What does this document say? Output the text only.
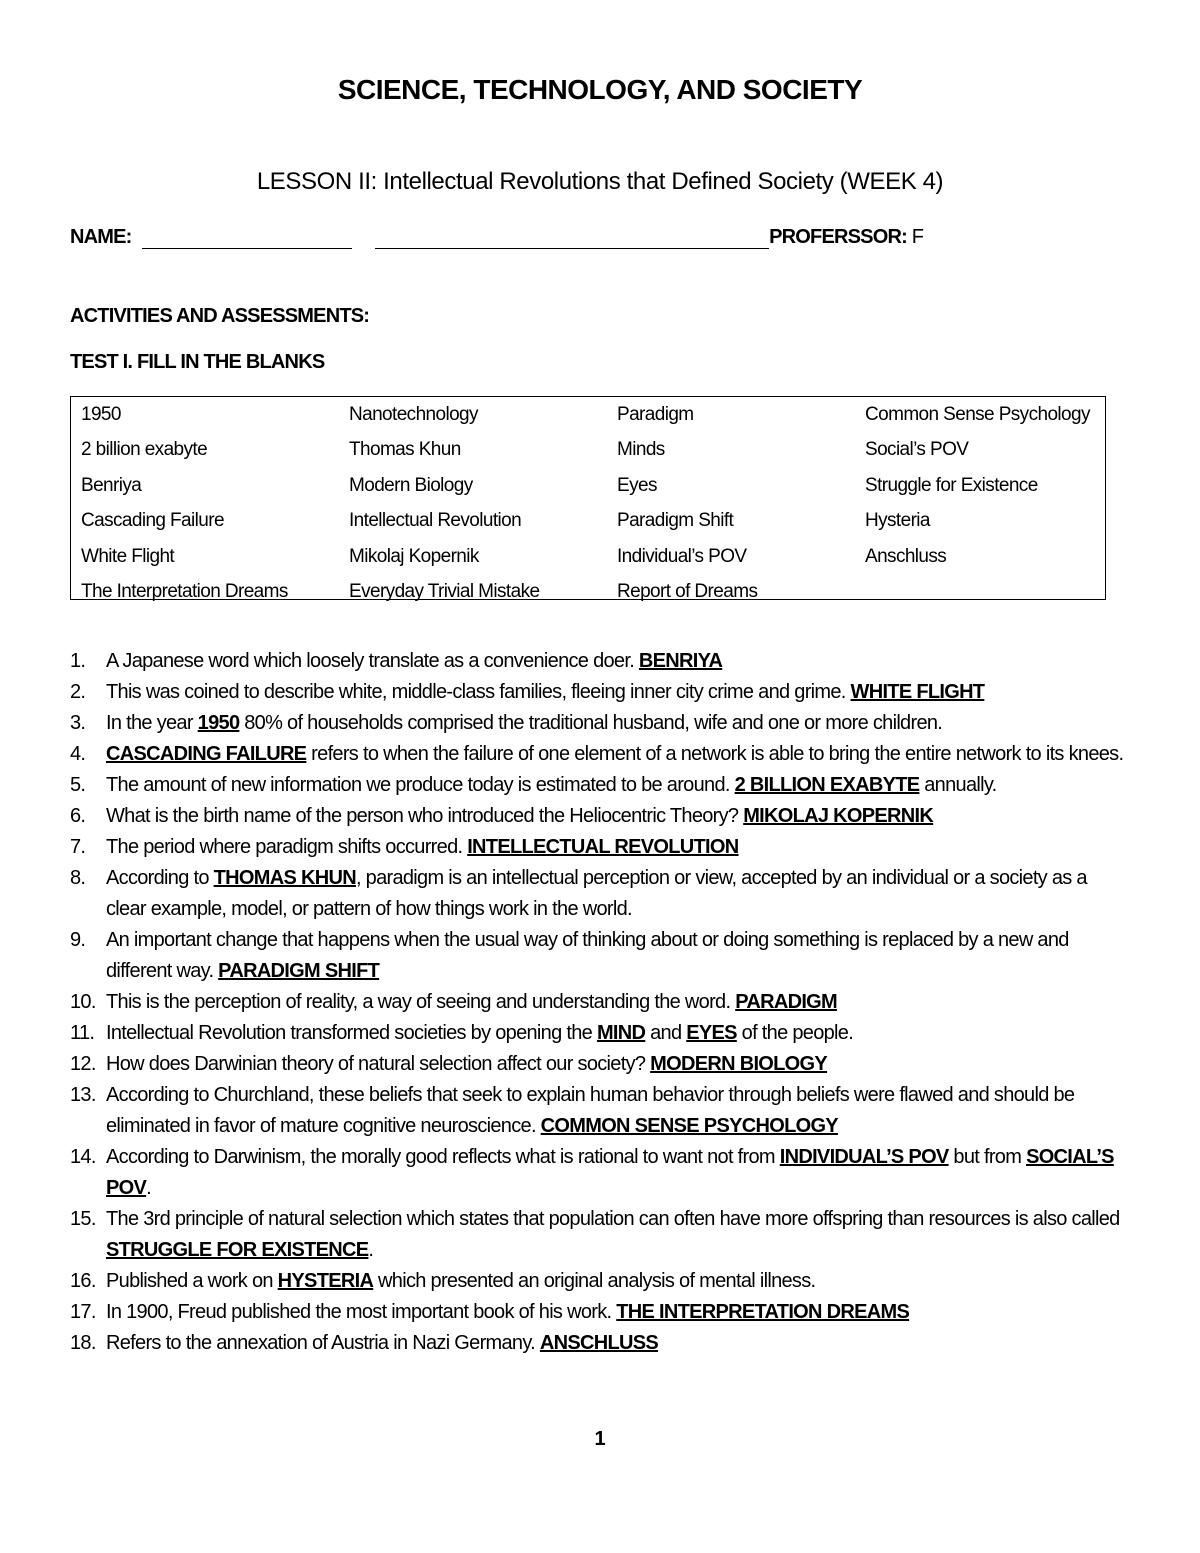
SCIENCE, TECHNOLOGY, AND SOCIETY
LESSON II: Intellectual Revolutions that Defined Society (WEEK 4)
NAME:	PROFERSSOR: F
ACTIVITIES AND ASSESSMENTS:
TEST I. FILL IN THE BLANKS
1950	Nanotechnology	Paradigm	Common Sense Psychology
2 billion exabyte	Thomas Khun	Minds	Social’s POV
Benriya	Modern Biology	Eyes	Struggle for Existence
Cascading Failure	Intellectual Revolution	Paradigm Shift	Hysteria
White Flight	Mikolaj Kopernik	Individual’s POV	Anschluss
The Interpretation Dreams	Everyday Trivial Mistake	Report of Dreams	
1. A Japanese word which loosely translate as a convenience doer. BENRIYA
2. This was coined to describe white, middle-class families, fleeing inner city crime and grime. WHITE FLIGHT
3. In the year 1950 80% of households comprised the traditional husband, wife and one or more children.
4. CASCADING FAILURE refers to when the failure of one element of a network is able to bring the entire network to its knees.
5. The amount of new information we produce today is estimated to be around. 2 BILLION EXABYTE annually.
6. What is the birth name of the person who introduced the Heliocentric Theory? MIKOLAJ KOPERNIK
7. The period where paradigm shifts occurred. INTELLECTUAL REVOLUTION
8. According to THOMAS KHUN, paradigm is an intellectual perception or view, accepted by an individual or a society as a clear example, model, or pattern of how things work in the world.
9. An important change that happens when the usual way of thinking about or doing something is replaced by a new and different way. PARADIGM SHIFT
10. This is the perception of reality, a way of seeing and understanding the word. PARADIGM
11. Intellectual Revolution transformed societies by opening the MIND and EYES of the people.
12. How does Darwinian theory of natural selection affect our society? MODERN BIOLOGY
13. According to Churchland, these beliefs that seek to explain human behavior through beliefs were flawed and should be eliminated in favor of mature cognitive neuroscience. COMMON SENSE PSYCHOLOGY
14. According to Darwinism, the morally good reflects what is rational to want not from INDIVIDUAL’S POV but from SOCIAL’S POV.
15. The 3rd principle of natural selection which states that population can often have more offspring than resources is also called STRUGGLE FOR EXISTENCE.
16. Published a work on HYSTERIA which presented an original analysis of mental illness.
17. In 1900, Freud published the most important book of his work. THE INTERPRETATION DREAMS
18. Refers to the annexation of Austria in Nazi Germany. ANSCHLUSS
1
